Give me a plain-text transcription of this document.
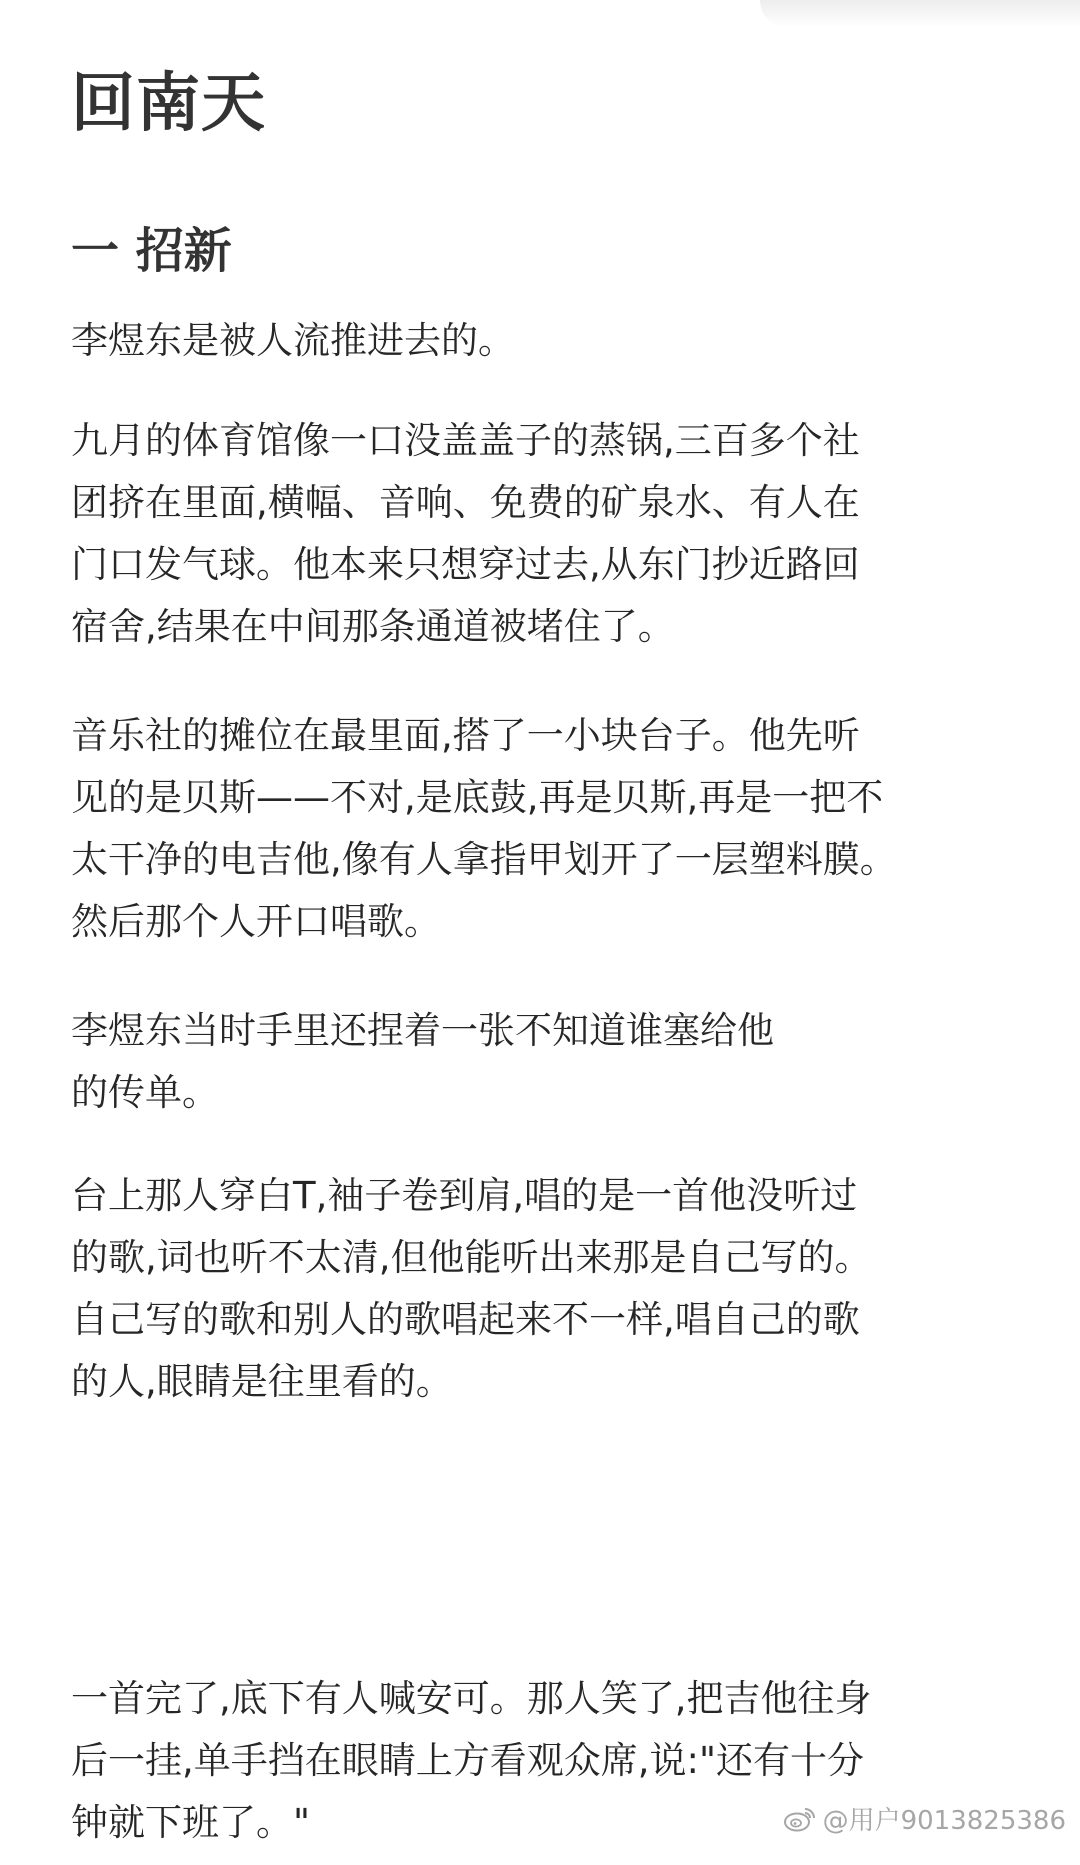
回南天
一 招新

李煜东是被人流推进去的。

九月的体育馆像一口没盖盖子的蒸锅,三百多个社
团挤在里面,横幅、音响、免费的矿泉水、有人在
门口发气球。他本来只想穿过去,从东门抄近路回
宿舍,结果在中间那条通道被堵住了。

音乐社的摊位在最里面,搭了一小块台子。他先听
见的是贝斯——不对,是底鼓,再是贝斯,再是一把不
太干净的电吉他,像有人拿指甲划开了一层塑料膜。
然后那个人开口唱歌。

李煜东当时手里还捏着一张不知道谁塞给他
的传单。

台上那人穿白T,袖子卷到肩,唱的是一首他没听过
的歌,词也听不太清,但他能听出来那是自己写的。
自己写的歌和别人的歌唱起来不一样,唱自己的歌
的人,眼睛是往里看的。

一首完了,底下有人喊安可。那人笑了,把吉他往身
后一挂,单手挡在眼睛上方看观众席,说:"还有十分
钟就下班了。"	@用户9013825386
